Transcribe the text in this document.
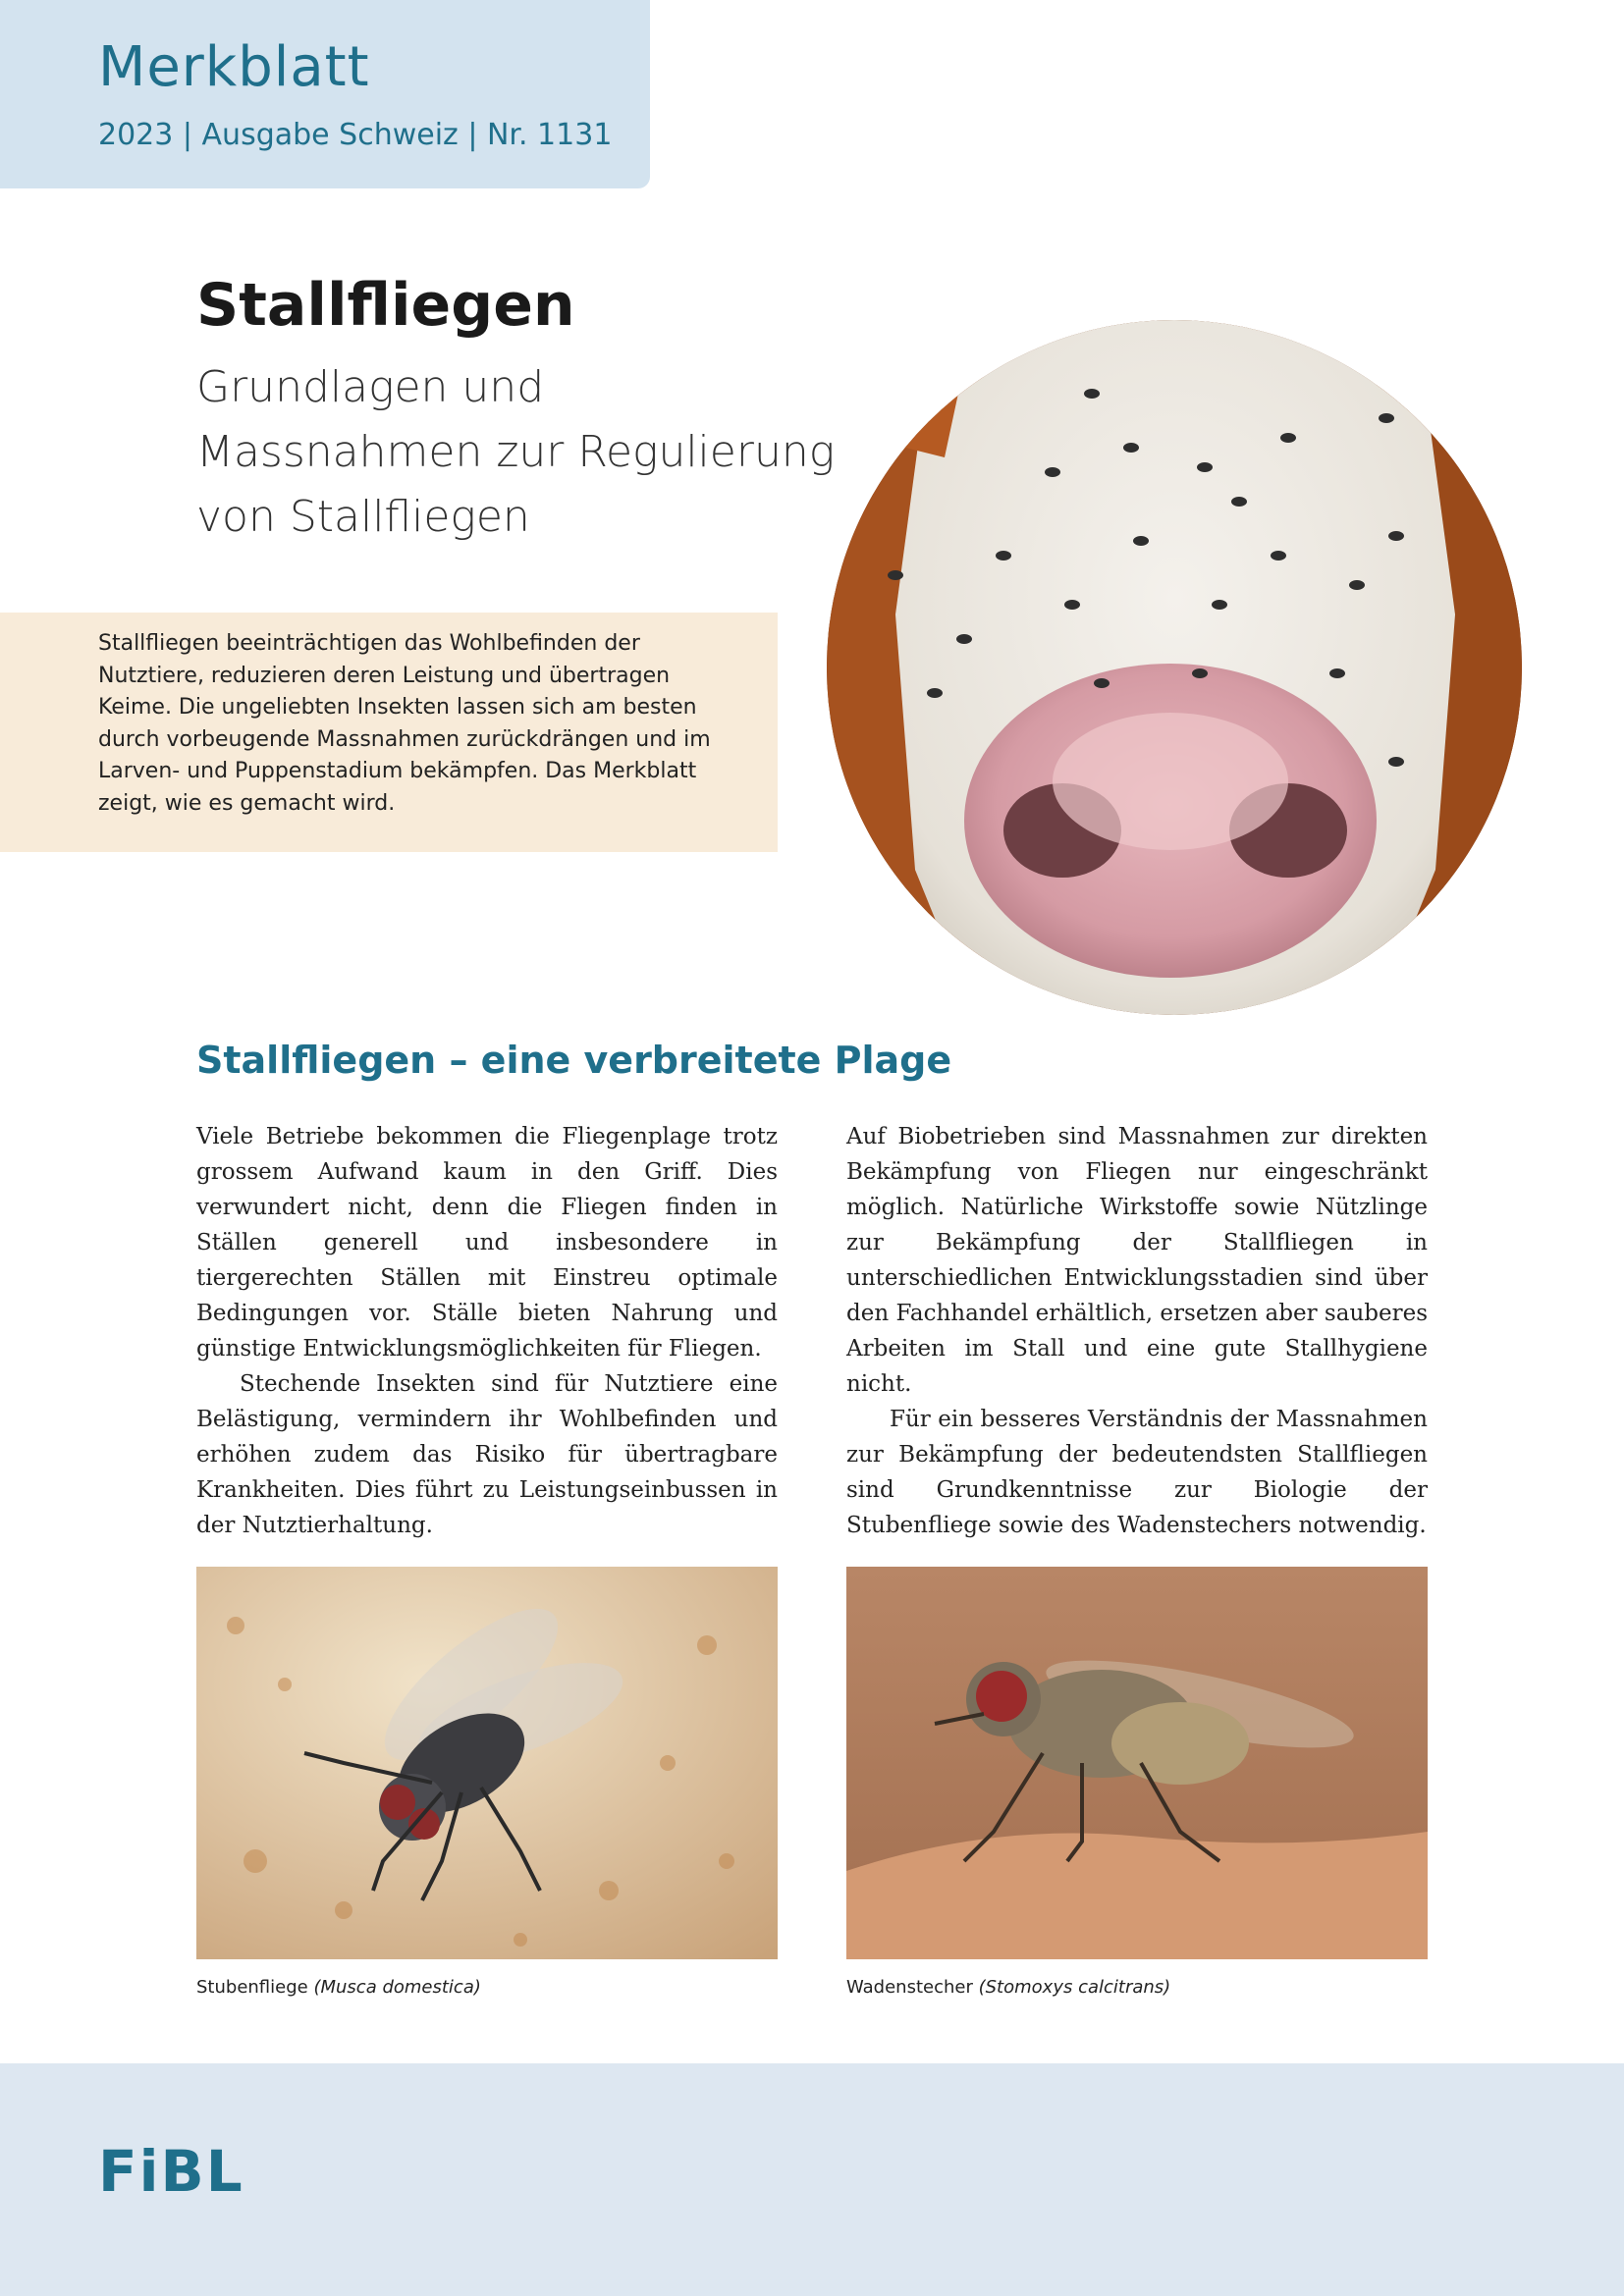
Merkblatt
2023 | Ausgabe Schweiz | Nr. 1131
Stallfliegen
Grundlagen und
Massnahmen zur Regulierung
von Stallfliegen
Stallfliegen beeinträchtigen das Wohlbefinden der Nutztiere, reduzieren deren Leistung und übertragen Keime. Die ungeliebten Insekten lassen sich am besten durch vorbeugende Massnahmen zurückdrängen und im Larven- und Puppenstadium bekämpfen. Das Merkblatt zeigt, wie es gemacht wird.
Stallfliegen – eine verbreitete Plage

Viele Betriebe bekommen die Fliegenplage trotz grossem Aufwand kaum in den Griff. Dies verwundert nicht, denn die Fliegen finden in Ställen generell und insbesondere in tiergerechten Ställen mit Einstreu optimale Bedingungen vor. Ställe bieten Nahrung und günstige Entwicklungsmöglichkeiten für Fliegen.

Stechende Insekten sind für Nutztiere eine Belästigung, vermindern ihr Wohlbefinden und erhöhen zudem das Risiko für übertragbare Krankheiten. Dies führt zu Leistungseinbussen in der Nutztierhaltung.

Auf Biobetrieben sind Massnahmen zur direkten Bekämpfung von Fliegen nur eingeschränkt möglich. Natürliche Wirkstoffe sowie Nützlinge zur Bekämpfung der Stallfliegen in unterschiedlichen Entwicklungsstadien sind über den Fachhandel erhältlich, ersetzen aber sauberes Arbeiten im Stall und eine gute Stallhygiene nicht.

Für ein besseres Verständnis der Massnahmen zur Bekämpfung der bedeutendsten Stallfliegen sind Grundkenntnisse zur Biologie der Stubenfliege sowie des Wadenstechers notwendig.

Stubenfliege (Musca domestica)	Wadenstecher (Stomoxys calcitrans)
FiBL
